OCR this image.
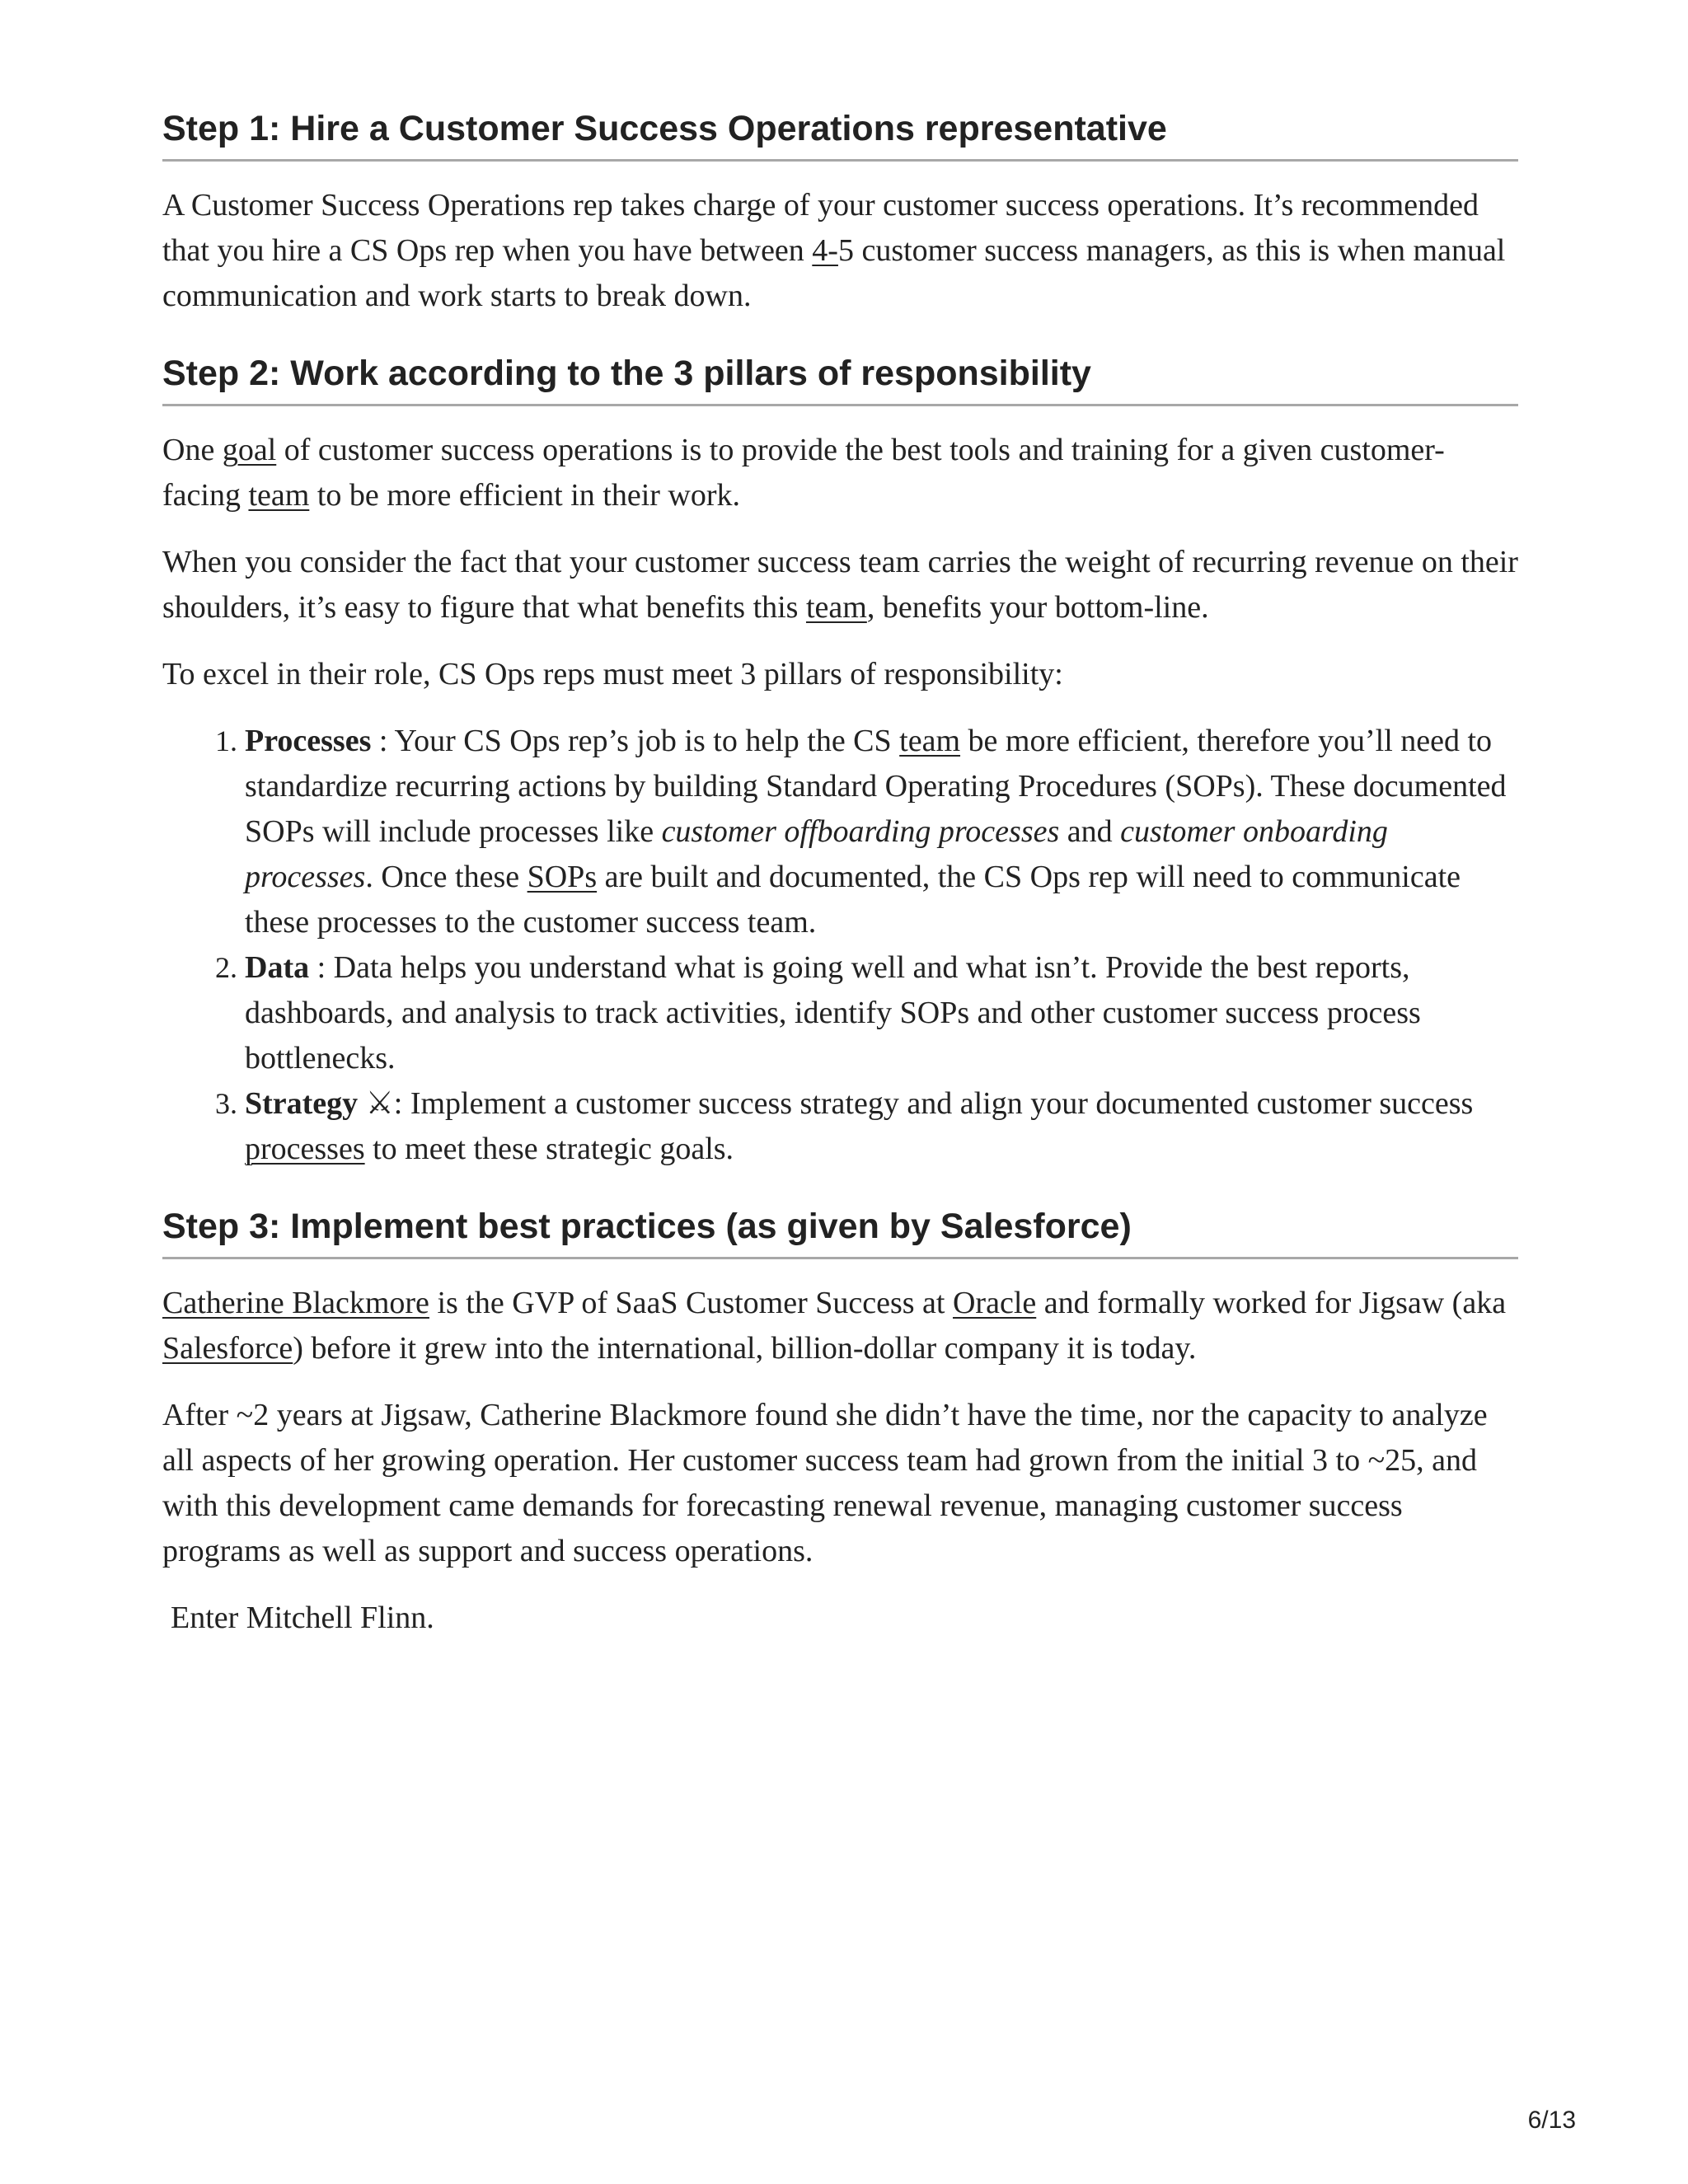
Step 1: Hire a Customer Success Operations representative

A Customer Success Operations rep takes charge of your customer success operations. It’s recommended that you hire a CS Ops rep when you have between 4-5 customer success managers, as this is when manual communication and work starts to break down.

Step 2: Work according to the 3 pillars of responsibility

One goal of customer success operations is to provide the best tools and training for a given customer-facing team to be more efficient in their work.

When you consider the fact that your customer success team carries the weight of recurring revenue on their shoulders, it’s easy to figure that what benefits this team, benefits your bottom-line.

To excel in their role, CS Ops reps must meet 3 pillars of responsibility:

1. Processes : Your CS Ops rep’s job is to help the CS team be more efficient, therefore you’ll need to standardize recurring actions by building Standard Operating Procedures (SOPs). These documented SOPs will include processes like customer offboarding processes and customer onboarding processes. Once these SOPs are built and documented, the CS Ops rep will need to communicate these processes to the customer success team.
2. Data : Data helps you understand what is going well and what isn’t. Provide the best reports, dashboards, and analysis to track activities, identify SOPs and other customer success process bottlenecks.
3. Strategy ⚔: Implement a customer success strategy and align your documented customer success processes to meet these strategic goals.
Step 3: Implement best practices (as given by Salesforce)

Catherine Blackmore is the GVP of SaaS Customer Success at Oracle and formally worked for Jigsaw (aka Salesforce) before it grew into the international, billion-dollar company it is today.

After ~2 years at Jigsaw, Catherine Blackmore found she didn’t have the time, nor the capacity to analyze all aspects of her growing operation. Her customer success team had grown from the initial 3 to ~25, and with this development came demands for forecasting renewal revenue, managing customer success programs as well as support and success operations.

Enter Mitchell Flinn.

6/13
